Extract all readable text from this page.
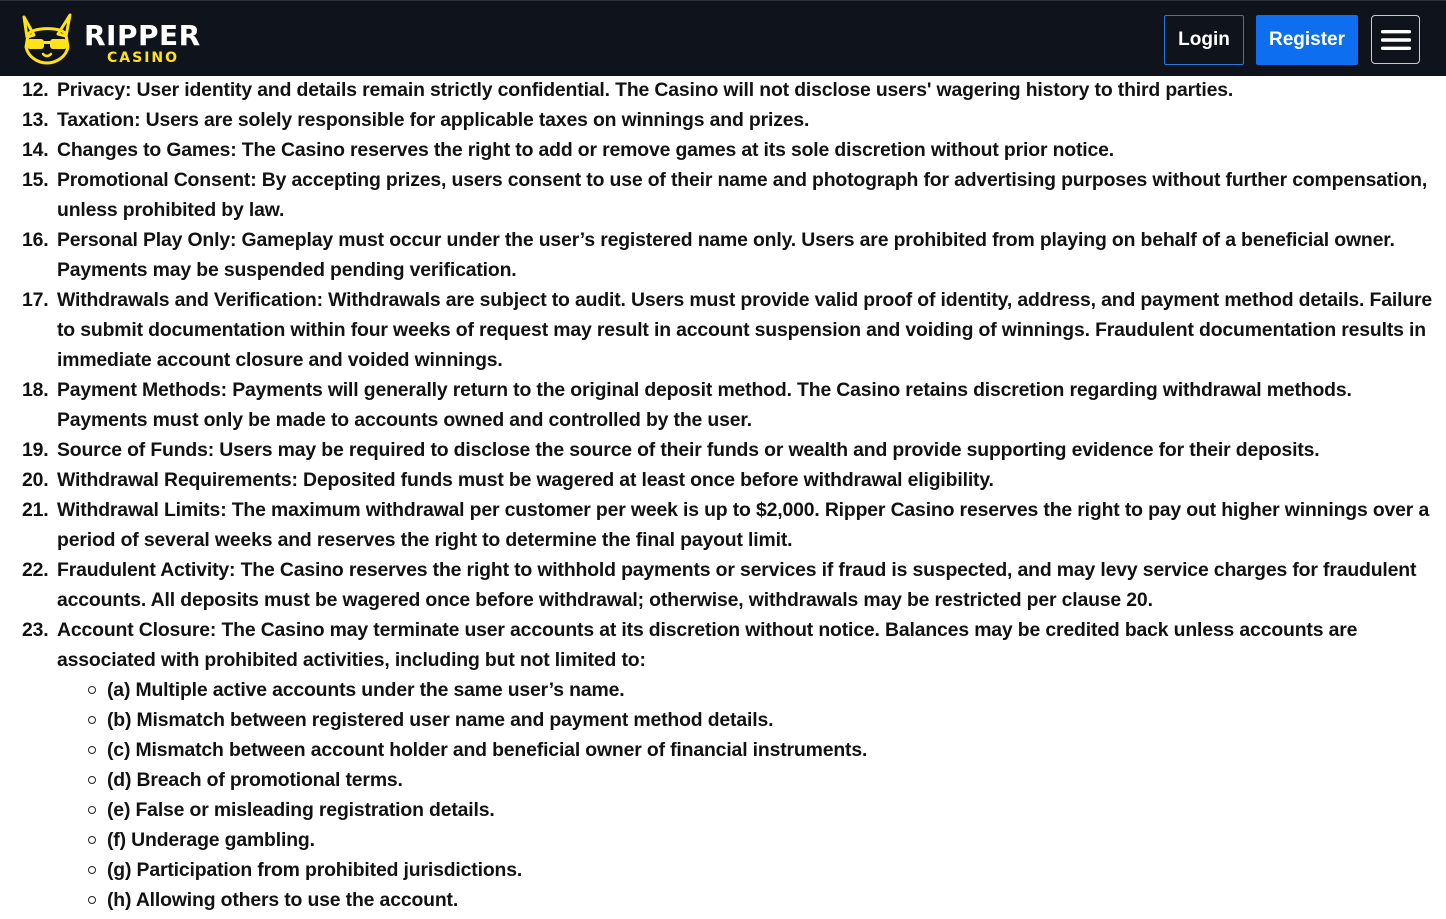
RIPPER
CASINO
Login	Register
12. Privacy: User identity and details remain strictly confidential. The Casino will not disclose users' wagering history to third parties.
13. Taxation: Users are solely responsible for applicable taxes on winnings and prizes.
14. Changes to Games: The Casino reserves the right to add or remove games at its sole discretion without prior notice.
15. Promotional Consent: By accepting prizes, users consent to use of their name and photograph for advertising purposes without further compensation, unless prohibited by law.
16. Personal Play Only: Gameplay must occur under the user’s registered name only. Users are prohibited from playing on behalf of a beneficial owner. Payments may be suspended pending verification.
17. Withdrawals and Verification: Withdrawals are subject to audit. Users must provide valid proof of identity, address, and payment method details. Failure to submit documentation within four weeks of request may result in account suspension and voiding of winnings. Fraudulent documentation results in immediate account closure and voided winnings.
18. Payment Methods: Payments will generally return to the original deposit method. The Casino retains discretion regarding withdrawal methods. Payments must only be made to accounts owned and controlled by the user.
19. Source of Funds: Users may be required to disclose the source of their funds or wealth and provide supporting evidence for their deposits.
20. Withdrawal Requirements: Deposited funds must be wagered at least once before withdrawal eligibility.
21. Withdrawal Limits: The maximum withdrawal per customer per week is up to $2,000. Ripper Casino reserves the right to pay out higher winnings over a period of several weeks and reserves the right to determine the final payout limit.
22. Fraudulent Activity: The Casino reserves the right to withhold payments or services if fraud is suspected, and may levy service charges for fraudulent accounts. All deposits must be wagered once before withdrawal; otherwise, withdrawals may be restricted per clause 20.
23. Account Closure: The Casino may terminate user accounts at its discretion without notice. Balances may be credited back unless accounts are associated with prohibited activities, including but not limited to:
(a) Multiple active accounts under the same user’s name.
(b) Mismatch between registered user name and payment method details.
(c) Mismatch between account holder and beneficial owner of financial instruments.
(d) Breach of promotional terms.
(e) False or misleading registration details.
(f) Underage gambling.
(g) Participation from prohibited jurisdictions.
(h) Allowing others to use the account.
